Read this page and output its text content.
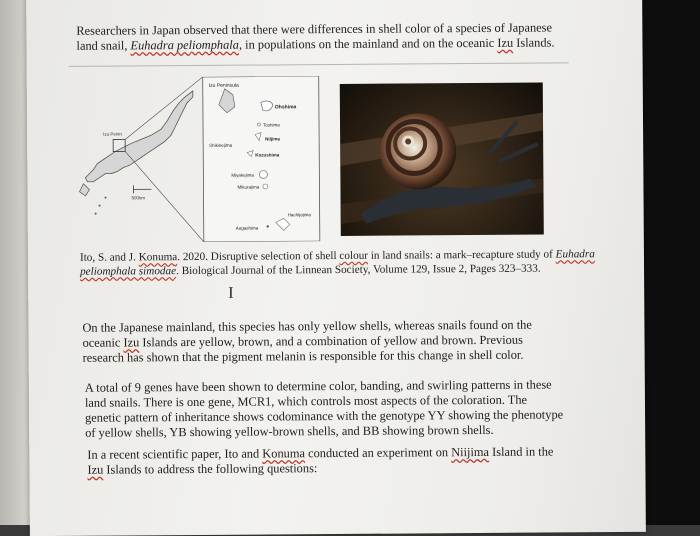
Researchers in Japan observed that there were differences in shell color of a species of Japanese
land snail, Euhadra peliomphala, in populations on the mainland and on the oceanic Izu Islands.
Izu Penin
500km
Izu Peninsula
Ohshima
Toshima
Niijima
Shikinejima
Kozushima
Miyakejima
Mikurajima
Hachijojima
Aogashima
Ito, S. and J. Konuma. 2020. Disruptive selection of shell colour in land snails: a mark–recapture study of Euhadra
peliomphala simodae. Biological Journal of the Linnean Society, Volume 129, Issue 2, Pages 323–333.
I
On the Japanese mainland, this species has only yellow shells, whereas snails found on the
oceanic Izu Islands are yellow, brown, and a combination of yellow and brown. Previous
research has shown that the pigment melanin is responsible for this change in shell color.
A total of 9 genes have been shown to determine color, banding, and swirling patterns in these
land snails. There is one gene, MCR1, which controls most aspects of the coloration. The
genetic pattern of inheritance shows codominance with the genotype YY showing the phenotype
of yellow shells, YB showing yellow-brown shells, and BB showing brown shells.
In a recent scientific paper, Ito and Konuma conducted an experiment on Niijima Island in the
Izu Islands to address the following questions:
